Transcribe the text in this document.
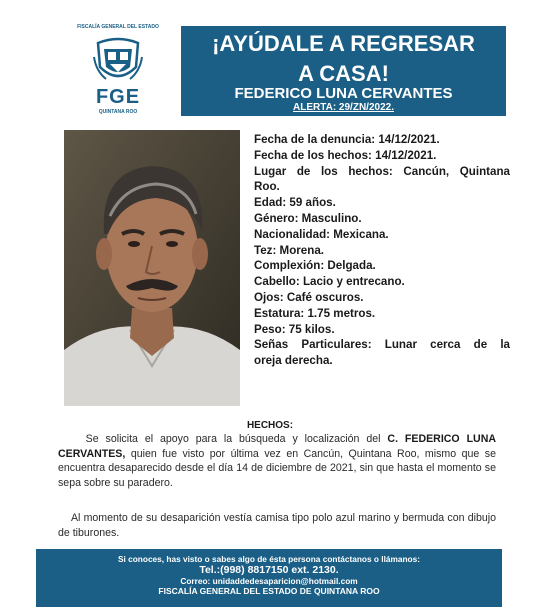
FISCALÍA GENERAL DEL ESTADO
FGE
QUINTANA ROO
¡AYÚDALE A REGRESAR
A CASA!
FEDERICO LUNA CERVANTES
ALERTA: 29/ZN/2022.

Fecha de la denuncia: 14/12/2021.

Fecha de los hechos: 14/12/2021.

Lugar de los hechos: Cancún, Quintana

Roo.

Edad: 59 años.

Género: Masculino.

Nacionalidad: Mexicana.

Tez: Morena.

Complexión: Delgada.

Cabello: Lacio y entrecano.

Ojos: Café oscuros.

Estatura: 1.75 metros.

Peso: 75 kilos.

Señas Particulares: Lunar cerca de la

oreja derecha.

HECHOS:
Se solicita el apoyo para la búsqueda y localización del C. FEDERICO LUNA CERVANTES, quien fue visto por última vez en Cancún, Quintana Roo, mismo que se encuentra desaparecido desde el día 14 de diciembre de 2021, sin que hasta el momento se sepa sobre su paradero.
Al momento de su desaparición vestía camisa tipo polo azul marino y bermuda con dibujo de tiburones.
Si conoces, has visto o sabes algo de ésta persona contáctanos o llámanos:
Tel.:(998) 8817150 ext. 2130.
Correo: unidaddedesaparicion@hotmail.com
FISCALÍA GENERAL DEL ESTADO DE QUINTANA ROO
